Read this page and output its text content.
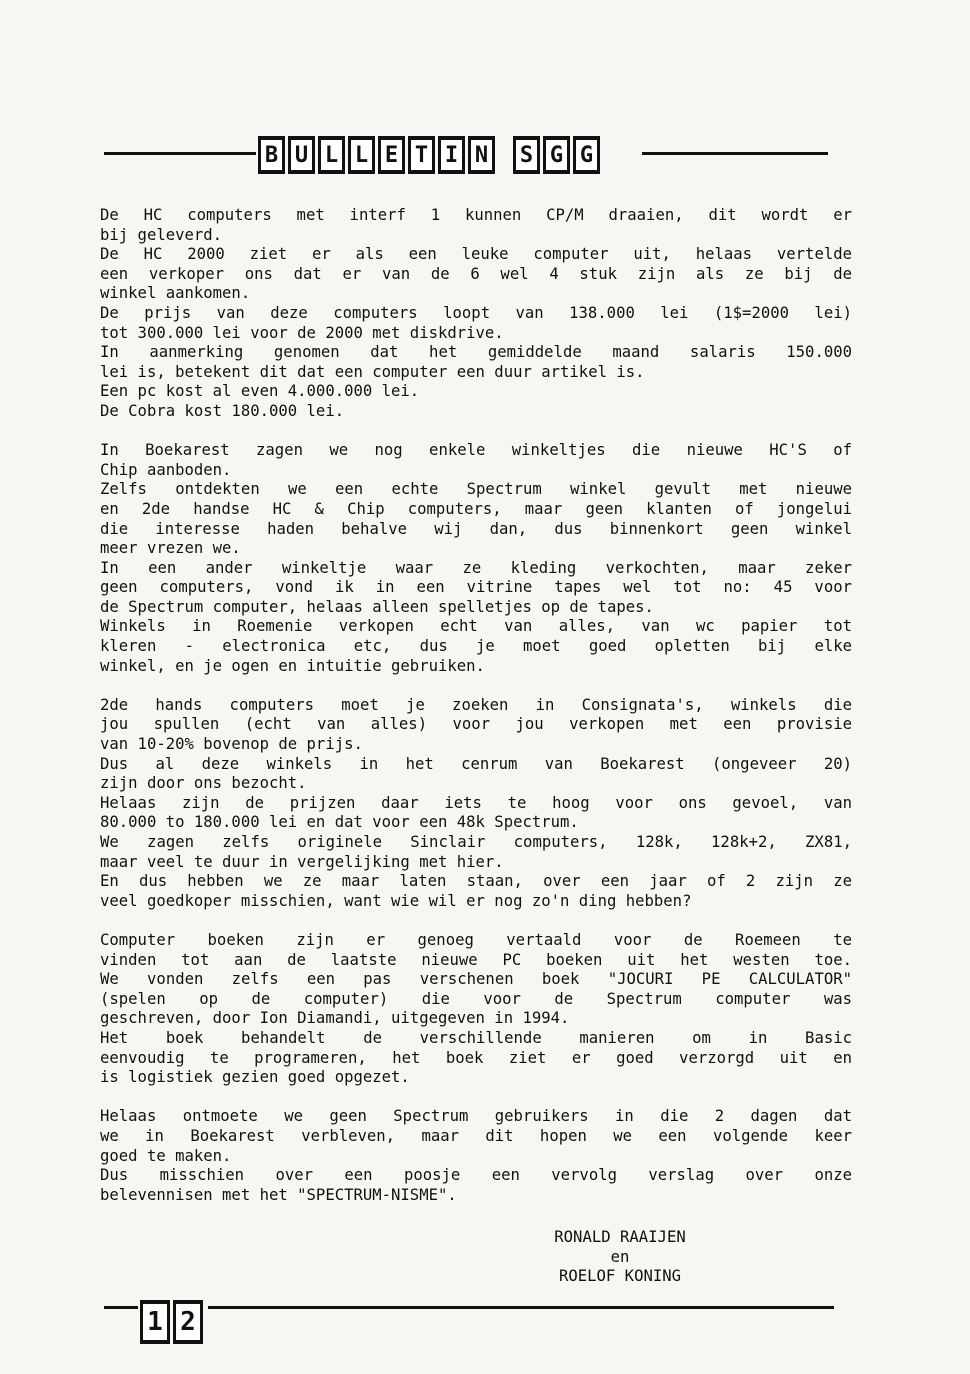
B U L L E T I N S G G
De HC computers met interf 1 kunnen CP/M draaien, dit wordt er
bij geleverd.
De HC 2000 ziet er als een leuke computer uit, helaas vertelde
een verkoper ons dat er van de 6 wel 4 stuk zijn als ze bij de
winkel aankomen.
De prijs van deze computers loopt van 138.000 lei (1$=2000 lei)
tot 300.000 lei voor de 2000 met diskdrive.
In aanmerking genomen dat het gemiddelde maand salaris 150.000
lei is, betekent dit dat een computer een duur artikel is.
Een pc kost al even 4.000.000 lei.
De Cobra kost 180.000 lei.
In Boekarest zagen we nog enkele winkeltjes die nieuwe HC'S of
Chip aanboden.
Zelfs ontdekten we een echte Spectrum winkel gevult met nieuwe
en 2de handse HC & Chip computers, maar geen klanten of jongelui
die interesse haden behalve wij dan, dus binnenkort geen winkel
meer vrezen we.
In een ander winkeltje waar ze kleding verkochten, maar zeker
geen computers, vond ik in een vitrine tapes wel tot no: 45 voor
de Spectrum computer, helaas alleen spelletjes op de tapes.
Winkels in Roemenie verkopen echt van alles, van wc papier tot
kleren - electronica etc, dus je moet goed opletten bij elke
winkel, en je ogen en intuitie gebruiken.
2de hands computers moet je zoeken in Consignata's, winkels die
jou spullen (echt van alles) voor jou verkopen met een provisie
van 10-20% bovenop de prijs.
Dus al deze winkels in het cenrum van Boekarest (ongeveer 20)
zijn door ons bezocht.
Helaas zijn de prijzen daar iets te hoog voor ons gevoel, van
80.000 to 180.000 lei en dat voor een 48k Spectrum.
We zagen zelfs originele Sinclair computers, 128k, 128k+2, ZX81,
maar veel te duur in vergelijking met hier.
En dus hebben we ze maar laten staan, over een jaar of 2 zijn ze
veel goedkoper misschien, want wie wil er nog zo'n ding hebben?
Computer boeken zijn er genoeg vertaald voor de Roemeen te
vinden tot aan de laatste nieuwe PC boeken uit het westen toe.
We vonden zelfs een pas verschenen boek "JOCURI PE CALCULATOR"
(spelen op de computer) die voor de Spectrum computer was
geschreven, door Ion Diamandi, uitgegeven in 1994.
Het boek behandelt de verschillende manieren om in Basic
eenvoudig te programeren, het boek ziet er goed verzorgd uit en
is logistiek gezien goed opgezet.
Helaas ontmoete we geen Spectrum gebruikers in die 2 dagen dat
we in Boekarest verbleven, maar dit hopen we een volgende keer
goed te maken.
Dus misschien over een poosje een vervolg verslag over onze
belevennisen met het "SPECTRUM-NISME".
RONALD RAAIJEN
en
ROELOF KONING
1 2
